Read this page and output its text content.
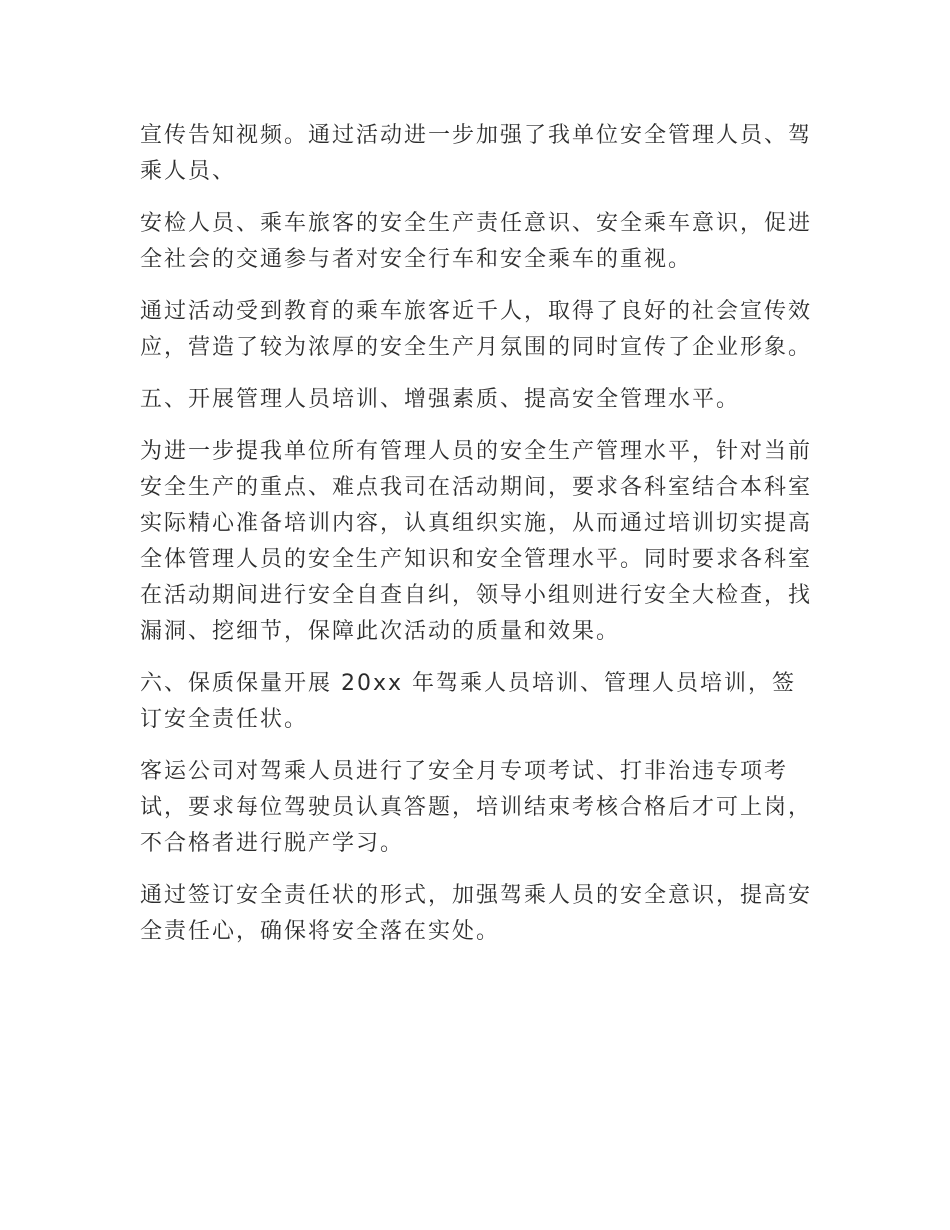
宣传告知视频。通过活动进一步加强了我单位安全管理人员、驾乘人员、

安检人员、乘车旅客的安全生产责任意识、安全乘车意识，促进全社会的交通参与者对安全行车和安全乘车的重视。

通过活动受到教育的乘车旅客近千人，取得了良好的社会宣传效应，营造了较为浓厚的安全生产月氛围的同时宣传了企业形象。

五、开展管理人员培训、增强素质、提高安全管理水平。

为进一步提我单位所有管理人员的安全生产管理水平，针对当前安全生产的重点、难点我司在活动期间，要求各科室结合本科室实际精心准备培训内容，认真组织实施，从而通过培训切实提高全体管理人员的安全生产知识和安全管理水平。同时要求各科室在活动期间进行安全自查自纠，领导小组则进行安全大检查，找漏洞、挖细节，保障此次活动的质量和效果。

六、保质保量开展 20xx 年驾乘人员培训、管理人员培训，签订安全责任状。

客运公司对驾乘人员进行了安全月专项考试、打非治违专项考试，要求每位驾驶员认真答题，培训结束考核合格后才可上岗，不合格者进行脱产学习。

通过签订安全责任状的形式，加强驾乘人员的安全意识，提高安全责任心，确保将安全落在实处。
